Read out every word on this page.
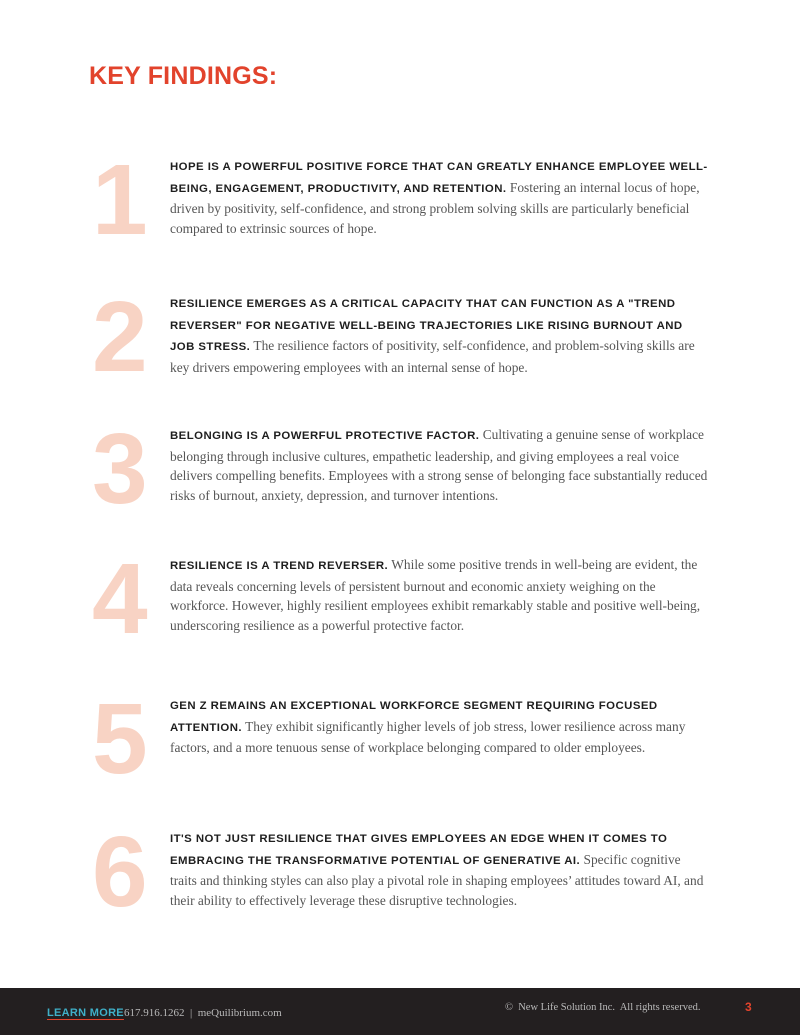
KEY FINDINGS:
1 HOPE IS A POWERFUL POSITIVE FORCE THAT CAN GREATLY ENHANCE EMPLOYEE WELL-BEING, ENGAGEMENT, PRODUCTIVITY, AND RETENTION. Fostering an internal locus of hope, driven by positivity, self-confidence, and strong problem solving skills are particularly beneficial compared to extrinsic sources of hope.

2 RESILIENCE EMERGES AS A CRITICAL CAPACITY THAT CAN FUNCTION AS A "TREND REVERSER" FOR NEGATIVE WELL-BEING TRAJECTORIES LIKE RISING BURNOUT AND JOB STRESS. The resilience factors of positivity, self-confidence, and problem-solving skills are key drivers empowering employees with an internal sense of hope.

3 BELONGING IS A POWERFUL PROTECTIVE FACTOR. Cultivating a genuine sense of workplace belonging through inclusive cultures, empathetic leadership, and giving employees a real voice delivers compelling benefits. Employees with a strong sense of belonging face substantially reduced risks of burnout, anxiety, depression, and turnover intentions.

4 RESILIENCE IS A TREND REVERSER. While some positive trends in well-being are evident, the data reveals concerning levels of persistent burnout and economic anxiety weighing on the workforce. However, highly resilient employees exhibit remarkably stable and positive well-being, underscoring resilience as a powerful protective factor.

5 GEN Z REMAINS AN EXCEPTIONAL WORKFORCE SEGMENT REQUIRING FOCUSED ATTENTION. They exhibit significantly higher levels of job stress, lower resilience across many factors, and a more tenuous sense of workplace belonging compared to older employees.

6 IT'S NOT JUST RESILIENCE THAT GIVES EMPLOYEES AN EDGE WHEN IT COMES TO EMBRACING THE TRANSFORMATIVE POTENTIAL OF GENERATIVE AI. Specific cognitive traits and thinking styles can also play a pivotal role in shaping employees’ attitudes toward AI, and their ability to effectively leverage these disruptive technologies.

LEARN MORE 617.916.1262  |  meQuilibrium.com	©  New Life Solution Inc.  All rights reserved.	3
